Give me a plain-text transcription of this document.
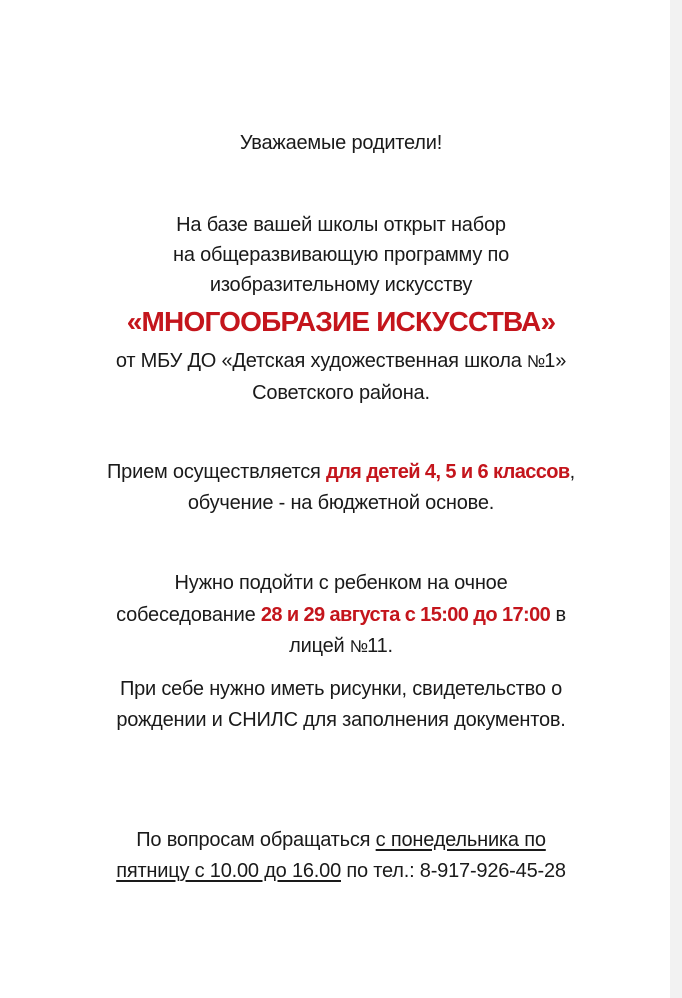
Уважаемые родители!
На базе вашей школы открыт набор
на общеразвивающую программу по
изобразительному искусству
«МНОГООБРАЗИЕ ИСКУССТВА»
от МБУ ДО «Детская художественная школа №1»
Советского района.
Прием осуществляется для детей 4, 5 и 6 классов,
обучение - на бюджетной основе.
Нужно подойти с ребенком на очное
собеседование 28 и 29 августа с 15:00 до 17:00 в
лицей №11.
При себе нужно иметь рисунки, свидетельство о
рождении и СНИЛС для заполнения документов.
По вопросам обращаться с понедельника по
пятницу с 10.00 до 16.00 по тел.: 8-917-926-45-28
